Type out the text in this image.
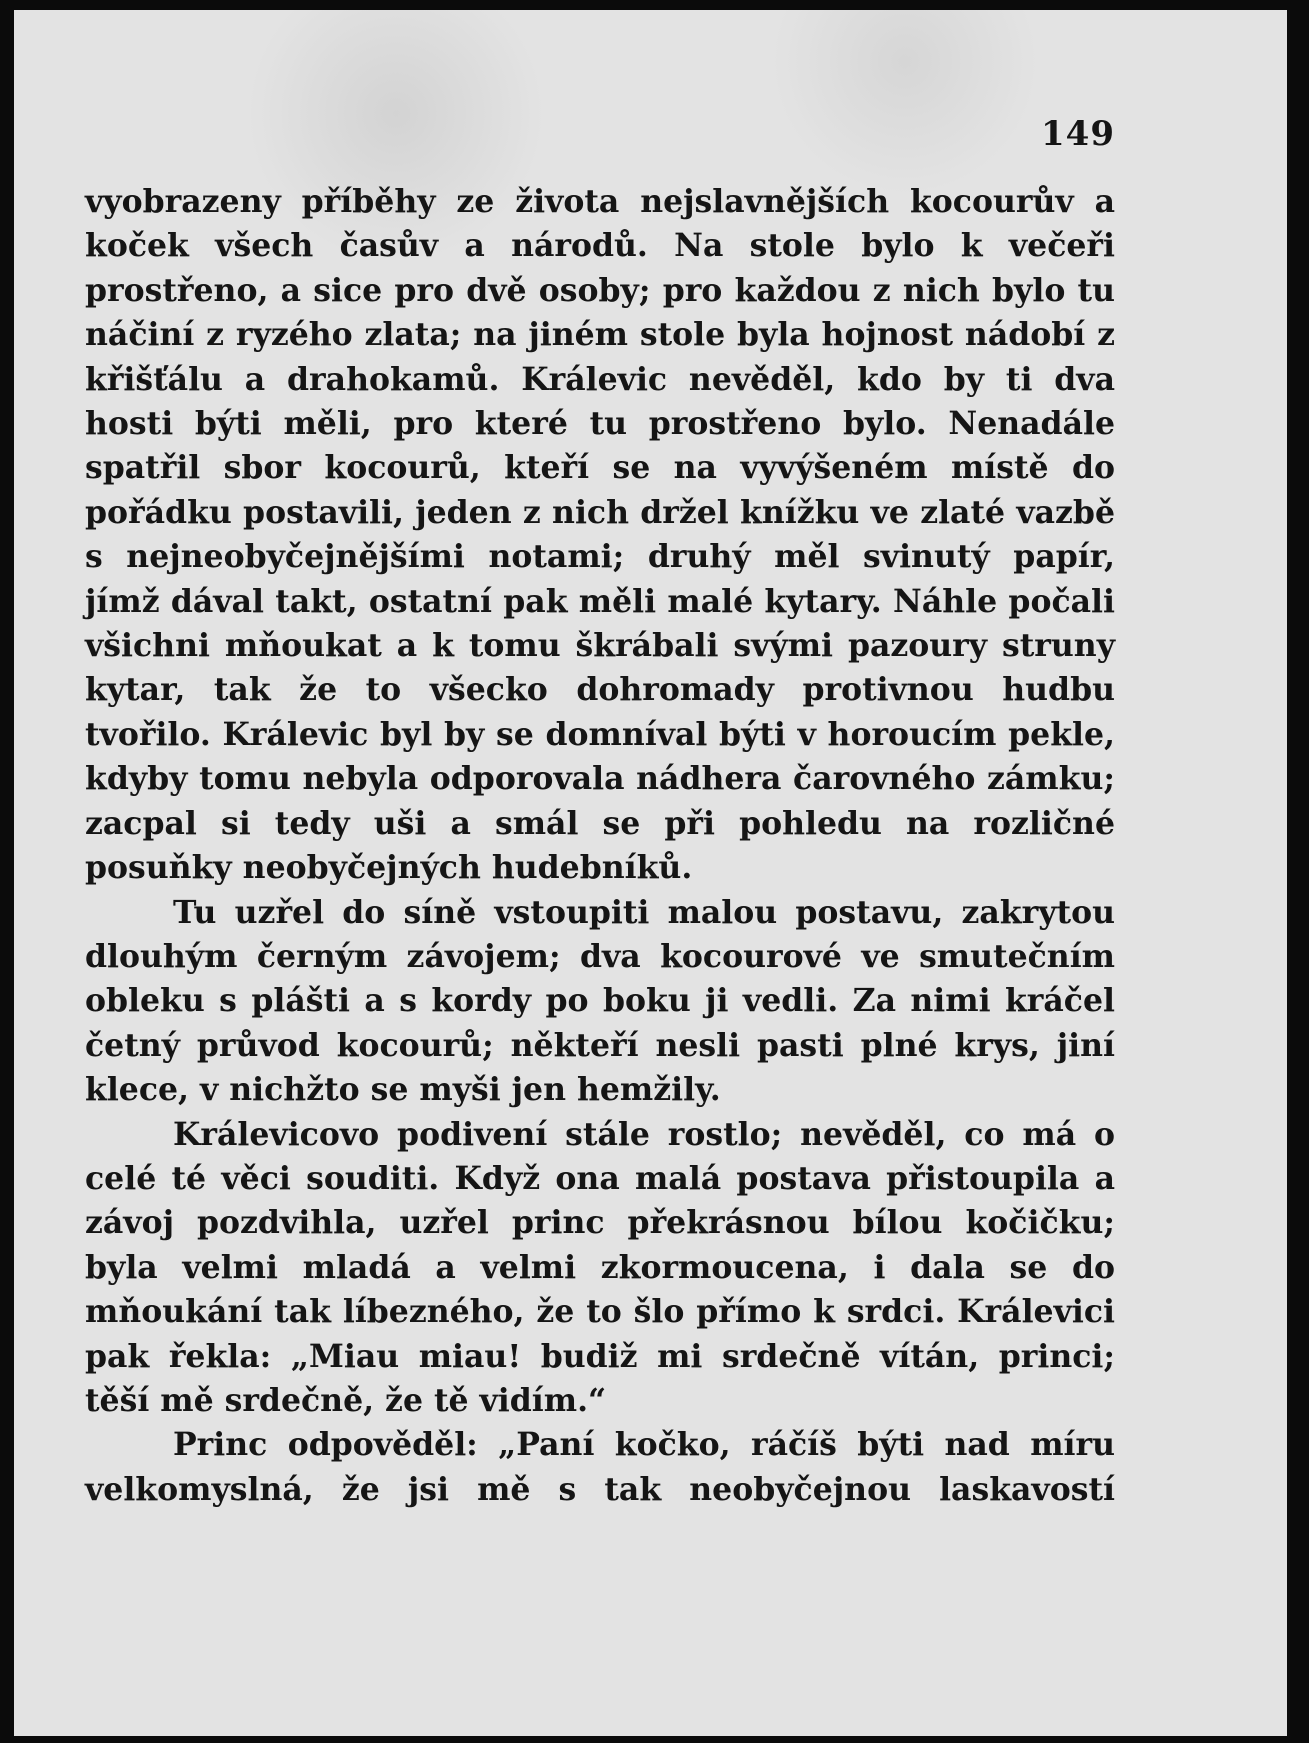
149

vyobrazeny příběhy ze života nejslavnějších kocourův a koček všech časův a národů. Na stole bylo k večeři prostřeno, a sice pro dvě osoby; pro každou z nich bylo tu náčiní z ryzého zlata; na jiném stole byla hojnost nádobí z křišťálu a drahokamů. Králevic nevěděl, kdo by ti dva hosti býti měli, pro které tu prostřeno bylo. Nenadále spatřil sbor kocourů, kteří se na vyvýšeném místě do pořádku postavili, jeden z nich držel knížku ve zlaté vazbě s nejneobyčejnějšími notami; druhý měl svinutý papír, jímž dával takt, ostatní pak měli malé kytary. Náhle počali všichni mňoukat a k tomu škrábali svými pazoury struny kytar, tak že to všecko dohromady protivnou hudbu tvořilo. Králevic byl by se domníval býti v horoucím pekle, kdyby tomu nebyla odporovala nádhera čarovného zámku; zacpal si tedy uši a smál se při pohledu na rozličné posuňky neobyčejných hudebníků.

Tu uzřel do síně vstoupiti malou postavu, zakrytou dlouhým černým závojem; dva kocourové ve smutečním obleku s plášti a s kordy po boku ji vedli. Za nimi kráčel četný průvod kocourů; někteří nesli pasti plné krys, jiní klece, v nichžto se myši jen hemžily.

Králevicovo podivení stále rostlo; nevěděl, co má o celé té věci souditi. Když ona malá postava přistoupila a závoj pozdvihla, uzřel princ překrásnou bílou kočičku; byla velmi mladá a velmi zkormoucena, i dala se do mňoukání tak líbezného, že to šlo přímo k srdci. Králevici pak řekla: „Miau miau! budiž mi srdečně vítán, princi; těší mě srdečně, že tě vidím.“

Princ odpověděl: „Paní kočko, ráčíš býti nad míru velkomyslná, že jsi mě s tak neobyčejnou laskavostí
